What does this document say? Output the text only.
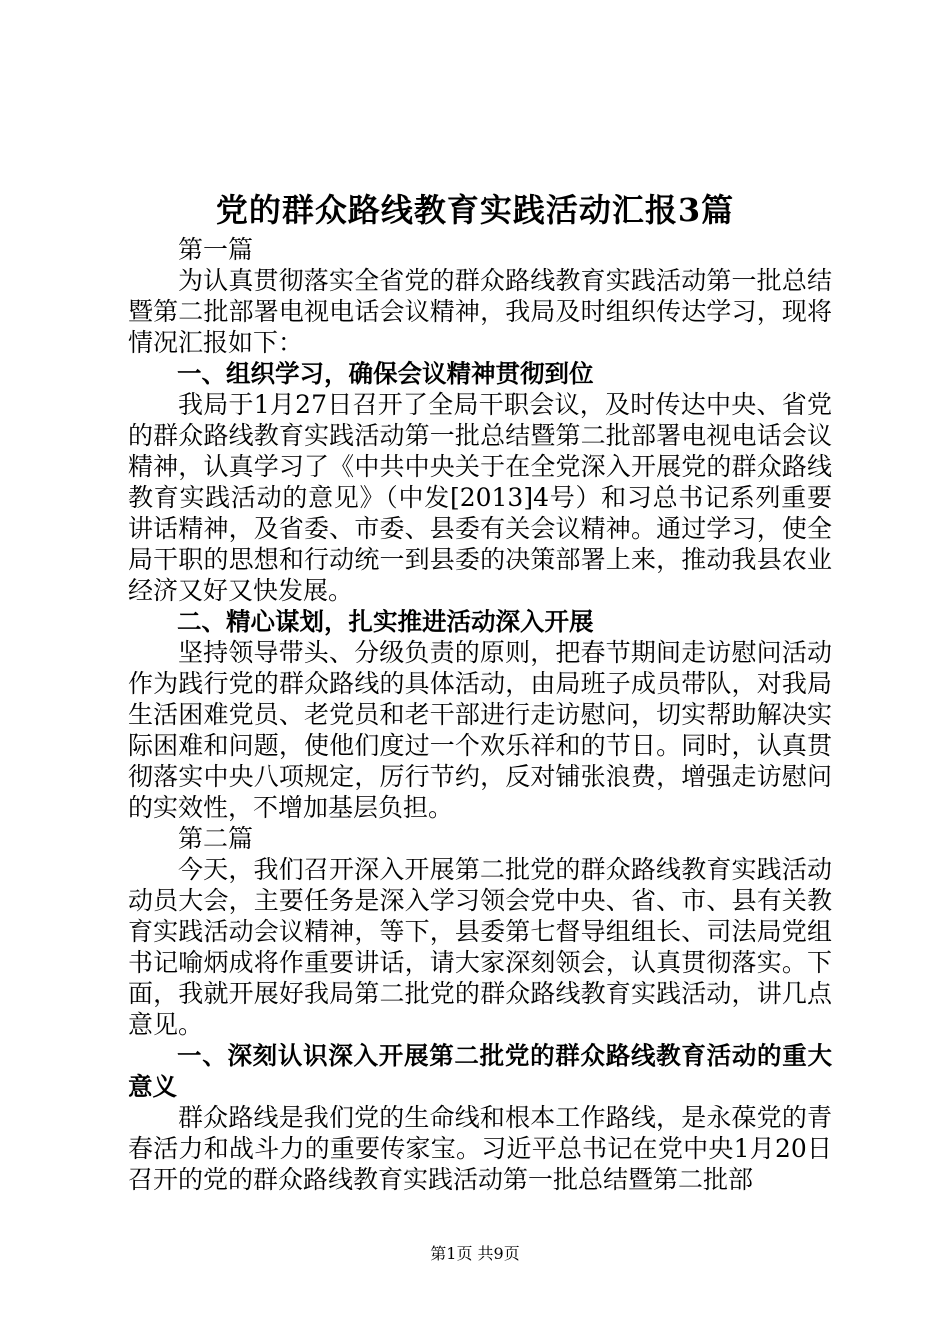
党的群众路线教育实践活动汇报3篇

第一篇

为认真贯彻落实全省党的群众路线教育实践活动第一批总结暨第二批部署电视电话会议精神，我局及时组织传达学习，现将情况汇报如下：

一、组织学习，确保会议精神贯彻到位

我局于1月27日召开了全局干职会议，及时传达中央、省党的群众路线教育实践活动第一批总结暨第二批部署电视电话会议精神，认真学习了《中共中央关于在全党深入开展党的群众路线教育实践活动的意见》（中发[2013]4号）和习总书记系列重要讲话精神，及省委、市委、县委有关会议精神。通过学习，使全局干职的思想和行动统一到县委的决策部署上来，推动我县农业经济又好又快发展。

二、精心谋划，扎实推进活动深入开展

坚持领导带头、分级负责的原则，把春节期间走访慰问活动作为践行党的群众路线的具体活动，由局班子成员带队，对我局生活困难党员、老党员和老干部进行走访慰问，切实帮助解决实际困难和问题，使他们度过一个欢乐祥和的节日。同时，认真贯彻落实中央八项规定，厉行节约，反对铺张浪费，增强走访慰问的实效性，不增加基层负担。

第二篇

今天，我们召开深入开展第二批党的群众路线教育实践活动动员大会，主要任务是深入学习领会党中央、省、市、县有关教育实践活动会议精神，等下，县委第七督导组组长、司法局党组书记喻炳成将作重要讲话，请大家深刻领会，认真贯彻落实。下面，我就开展好我局第二批党的群众路线教育实践活动，讲几点意见。

一、深刻认识深入开展第二批党的群众路线教育活动的重大意义

群众路线是我们党的生命线和根本工作路线，是永葆党的青春活力和战斗力的重要传家宝。习近平总书记在党中央1月20日召开的党的群众路线教育实践活动第一批总结暨第二批部

第1页 共9页
